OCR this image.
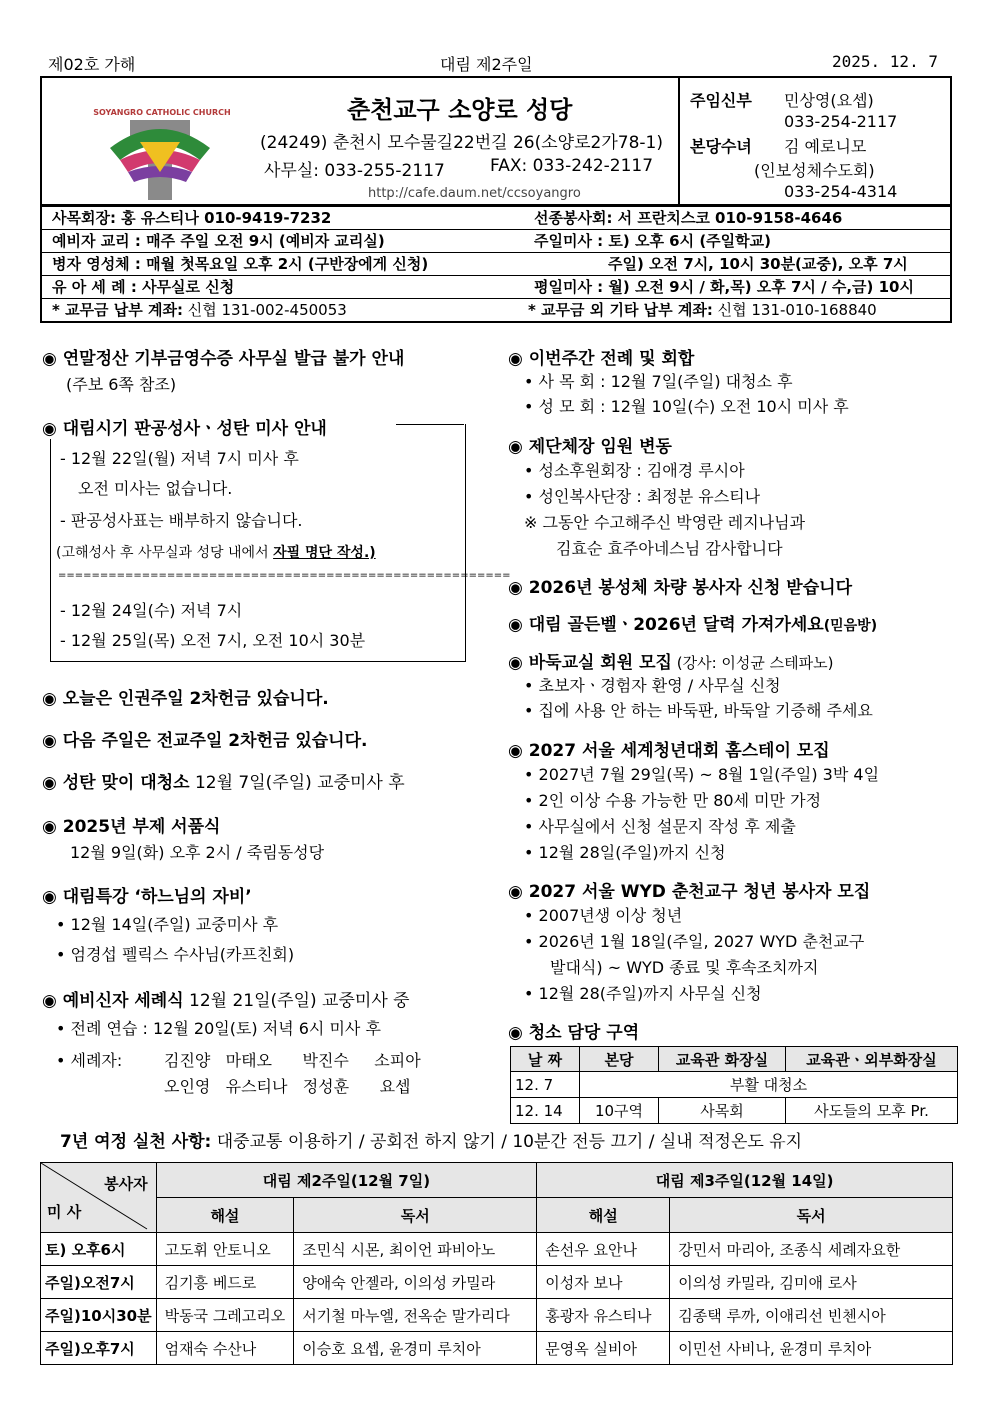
제02호 가해	대림 제2주일	2025. 12. 7
SOYANGRO CATHOLIC CHURCH	춘천교구 소양로 성당
(24249) 춘천시 모수물길22번길 26(소양로2가78-1)
사무실: 033-255-2117	FAX: 033-242-2117
http://cafe.daum.net/ccsoyangro
주임신부 민상영(요셉)
033-254-2117
본당수녀 김 예로니모
(인보성체수도회)
033-254-4314
사목회장: 홍 유스티나 010-9419-7232	선종봉사회: 서 프란치스코 010-9158-4646
예비자 교리 : 매주 주일 오전 9시 (예비자 교리실)	주일미사 : 토) 오후 6시 (주일학교)
병자 영성체 : 매월 첫목요일 오후 2시 (구반장에게 신청)	주일) 오전 7시, 10시 30분(교중), 오후 7시
유 아 세 례 : 사무실로 신청	평일미사 : 월) 오전 9시 / 화,목) 오후 7시 / 수,금) 10시
* 교무금 납부 계좌: 신협 131-002-450053	* 교무금 외 기타 납부 계좌: 신협 131-010-168840
◉ 연말정산 기부금영수증 사무실 발급 불가 안내
(주보 6쪽 참조)
◉ 대림시기 판공성사ㆍ성탄 미사 안내
- 12월 22일(월) 저녁 7시 미사 후
오전 미사는 없습니다.
- 판공성사표는 배부하지 않습니다.
(고해성사 후 사무실과 성당 내에서 자필 명단 작성.)
======================================================
- 12월 24일(수) 저녁 7시
- 12월 25일(목) 오전 7시, 오전 10시 30분
◉ 오늘은 인권주일 2차헌금 있습니다.
◉ 다음 주일은 전교주일 2차헌금 있습니다.
◉ 성탄 맞이 대청소 12월 7일(주일) 교중미사 후
◉ 2025년 부제 서품식
12월 9일(화) 오후 2시 / 죽림동성당
◉ 대림특강 ‘하느님의 자비’
• 12월 14일(주일) 교중미사 후
• 엄경섭 펠릭스 수사님(카프친회)
◉ 예비신자 세례식 12월 21일(주일) 교중미사 중
• 전례 연습 : 12월 20일(토) 저녁 6시 미사 후
• 세례자:	김진양   마태오      박진수     소피아
오인영   유스티나   정성훈      요셉
◉ 이번주간 전례 및 회합
• 사 목 회 : 12월 7일(주일) 대청소 후
• 성 모 회 : 12월 10일(수) 오전 10시 미사 후
◉ 제단체장 임원 변동
• 성소후원회장 : 김애경 루시아
• 성인복사단장 : 최정분 유스티나
※ 그동안 수고해주신 박영란 레지나님과
김효순 효주아네스님 감사합니다
◉ 2026년 봉성체 차량 봉사자 신청 받습니다
◉ 대림 골든벨ㆍ2026년 달력 가져가세요(믿음방)
◉ 바둑교실 회원 모집 (강사: 이성균 스테파노)
• 초보자ㆍ경험자 환영 / 사무실 신청
• 집에 사용 안 하는 바둑판, 바둑알 기증해 주세요
◉ 2027 서울 세계청년대회 홈스테이 모집
• 2027년 7월 29일(목) ~ 8월 1일(주일) 3박 4일
• 2인 이상 수용 가능한 만 80세 미만 가정
• 사무실에서 신청 설문지 작성 후 제출
• 12월 28일(주일)까지 신청
◉ 2027 서울 WYD 춘천교구 청년 봉사자 모집
• 2007년생 이상 청년
• 2026년 1월 18일(주일, 2027 WYD 춘천교구
발대식) ~ WYD 종료 및 후속조치까지
• 12월 28(주일)까지 사무실 신청
◉ 청소 담당 구역
날 짜	본당	교육관 화장실	교육관ㆍ외부화장실
12. 7	부활 대청소		
12. 14	10구역	사목회	사도들의 모후 Pr.
7년 여정 실천 사항: 대중교통 이용하기 / 공회전 하지 않기 / 10분간 전등 끄기 / 실내 적정온도 유지
봉사자
미 사	대림 제2주일(12월 7일)		대림 제3주일(12월 14일)	
	해설	독서	해설	독서
토) 오후6시	고도휘 안토니오	조민식 시몬, 최이언 파비아노	손선우 요안나	강민서 마리아, 조종식 세례자요한
주일)오전7시	김기흥 베드로	양애숙 안젤라, 이의성 카밀라	이성자 보나	이의성 카밀라, 김미애 로사
주일)10시30분	박동국 그레고리오	서기철 마누엘, 전옥순 말가리다	홍광자 유스티나	김종택 루까, 이애리선 빈첸시아
주일)오후7시	엄재숙 수산나	이승호 요셉, 윤경미 루치아	문영옥 실비아	이민선 사비나, 윤경미 루치아
